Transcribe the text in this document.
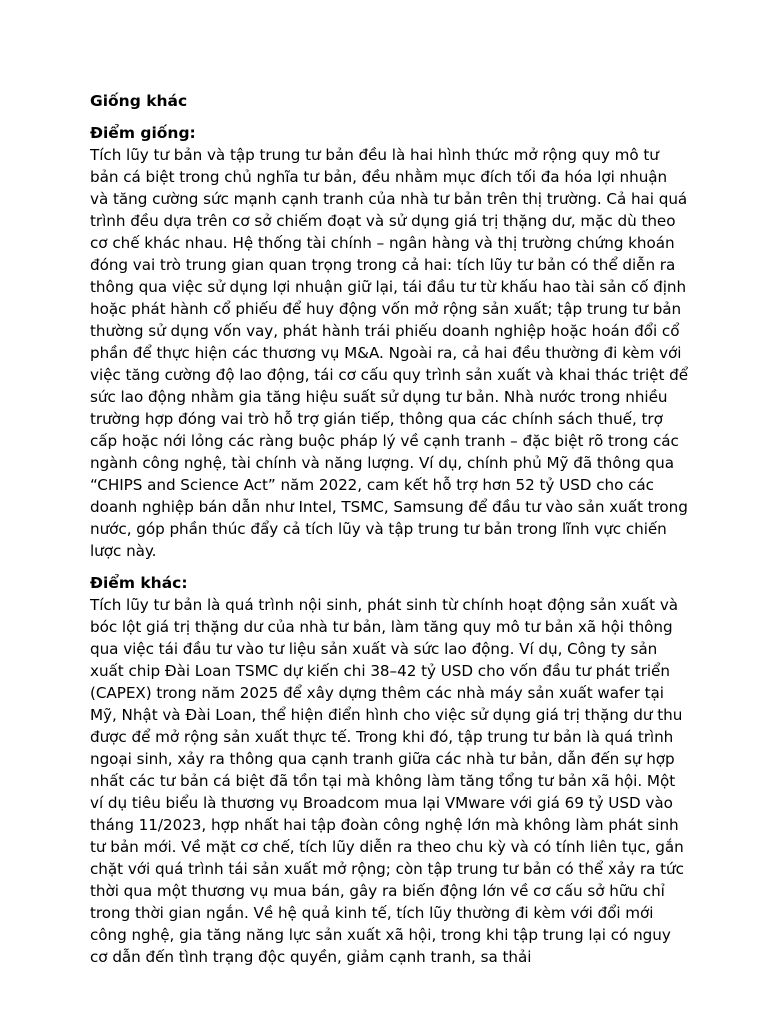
Giống khác
Điểm giống:

Tích lũy tư bản và tập trung tư bản đều là hai hình thức mở rộng quy mô tư bản cá biệt trong chủ nghĩa tư bản, đều nhằm mục đích tối đa hóa lợi nhuận và tăng cường sức mạnh cạnh tranh của nhà tư bản trên thị trường. Cả hai quá trình đều dựa trên cơ sở chiếm đoạt và sử dụng giá trị thặng dư, mặc dù theo cơ chế khác nhau. Hệ thống tài chính – ngân hàng và thị trường chứng khoán đóng vai trò trung gian quan trọng trong cả hai: tích lũy tư bản có thể diễn ra thông qua việc sử dụng lợi nhuận giữ lại, tái đầu tư từ khấu hao tài sản cố định hoặc phát hành cổ phiếu để huy động vốn mở rộng sản xuất; tập trung tư bản thường sử dụng vốn vay, phát hành trái phiếu doanh nghiệp hoặc hoán đổi cổ phần để thực hiện các thương vụ M&A. Ngoài ra, cả hai đều thường đi kèm với việc tăng cường độ lao động, tái cơ cấu quy trình sản xuất và khai thác triệt để sức lao động nhằm gia tăng hiệu suất sử dụng tư bản. Nhà nước trong nhiều trường hợp đóng vai trò hỗ trợ gián tiếp, thông qua các chính sách thuế, trợ cấp hoặc nới lỏng các ràng buộc pháp lý về cạnh tranh – đặc biệt rõ trong các ngành công nghệ, tài chính và năng lượng. Ví dụ, chính phủ Mỹ đã thông qua “CHIPS and Science Act” năm 2022, cam kết hỗ trợ hơn 52 tỷ USD cho các doanh nghiệp bán dẫn như Intel, TSMC, Samsung để đầu tư vào sản xuất trong nước, góp phần thúc đẩy cả tích lũy và tập trung tư bản trong lĩnh vực chiến lược này.

Điểm khác:

Tích lũy tư bản là quá trình nội sinh, phát sinh từ chính hoạt động sản xuất và bóc lột giá trị thặng dư của nhà tư bản, làm tăng quy mô tư bản xã hội thông qua việc tái đầu tư vào tư liệu sản xuất và sức lao động. Ví dụ, Công ty sản xuất chip Đài Loan TSMC dự kiến chi 38–42 tỷ USD cho vốn đầu tư phát triển (CAPEX) trong năm 2025 để xây dựng thêm các nhà máy sản xuất wafer tại Mỹ, Nhật và Đài Loan, thể hiện điển hình cho việc sử dụng giá trị thặng dư thu được để mở rộng sản xuất thực tế. Trong khi đó, tập trung tư bản là quá trình ngoại sinh, xảy ra thông qua cạnh tranh giữa các nhà tư bản, dẫn đến sự hợp nhất các tư bản cá biệt đã tồn tại mà không làm tăng tổng tư bản xã hội. Một ví dụ tiêu biểu là thương vụ Broadcom mua lại VMware với giá 69 tỷ USD vào tháng 11/2023, hợp nhất hai tập đoàn công nghệ lớn mà không làm phát sinh tư bản mới. Về mặt cơ chế, tích lũy diễn ra theo chu kỳ và có tính liên tục, gắn chặt với quá trình tái sản xuất mở rộng; còn tập trung tư bản có thể xảy ra tức thời qua một thương vụ mua bán, gây ra biến động lớn về cơ cấu sở hữu chỉ trong thời gian ngắn. Về hệ quả kinh tế, tích lũy thường đi kèm với đổi mới công nghệ, gia tăng năng lực sản xuất xã hội, trong khi tập trung lại có nguy cơ dẫn đến tình trạng độc quyền, giảm cạnh tranh, sa thải
